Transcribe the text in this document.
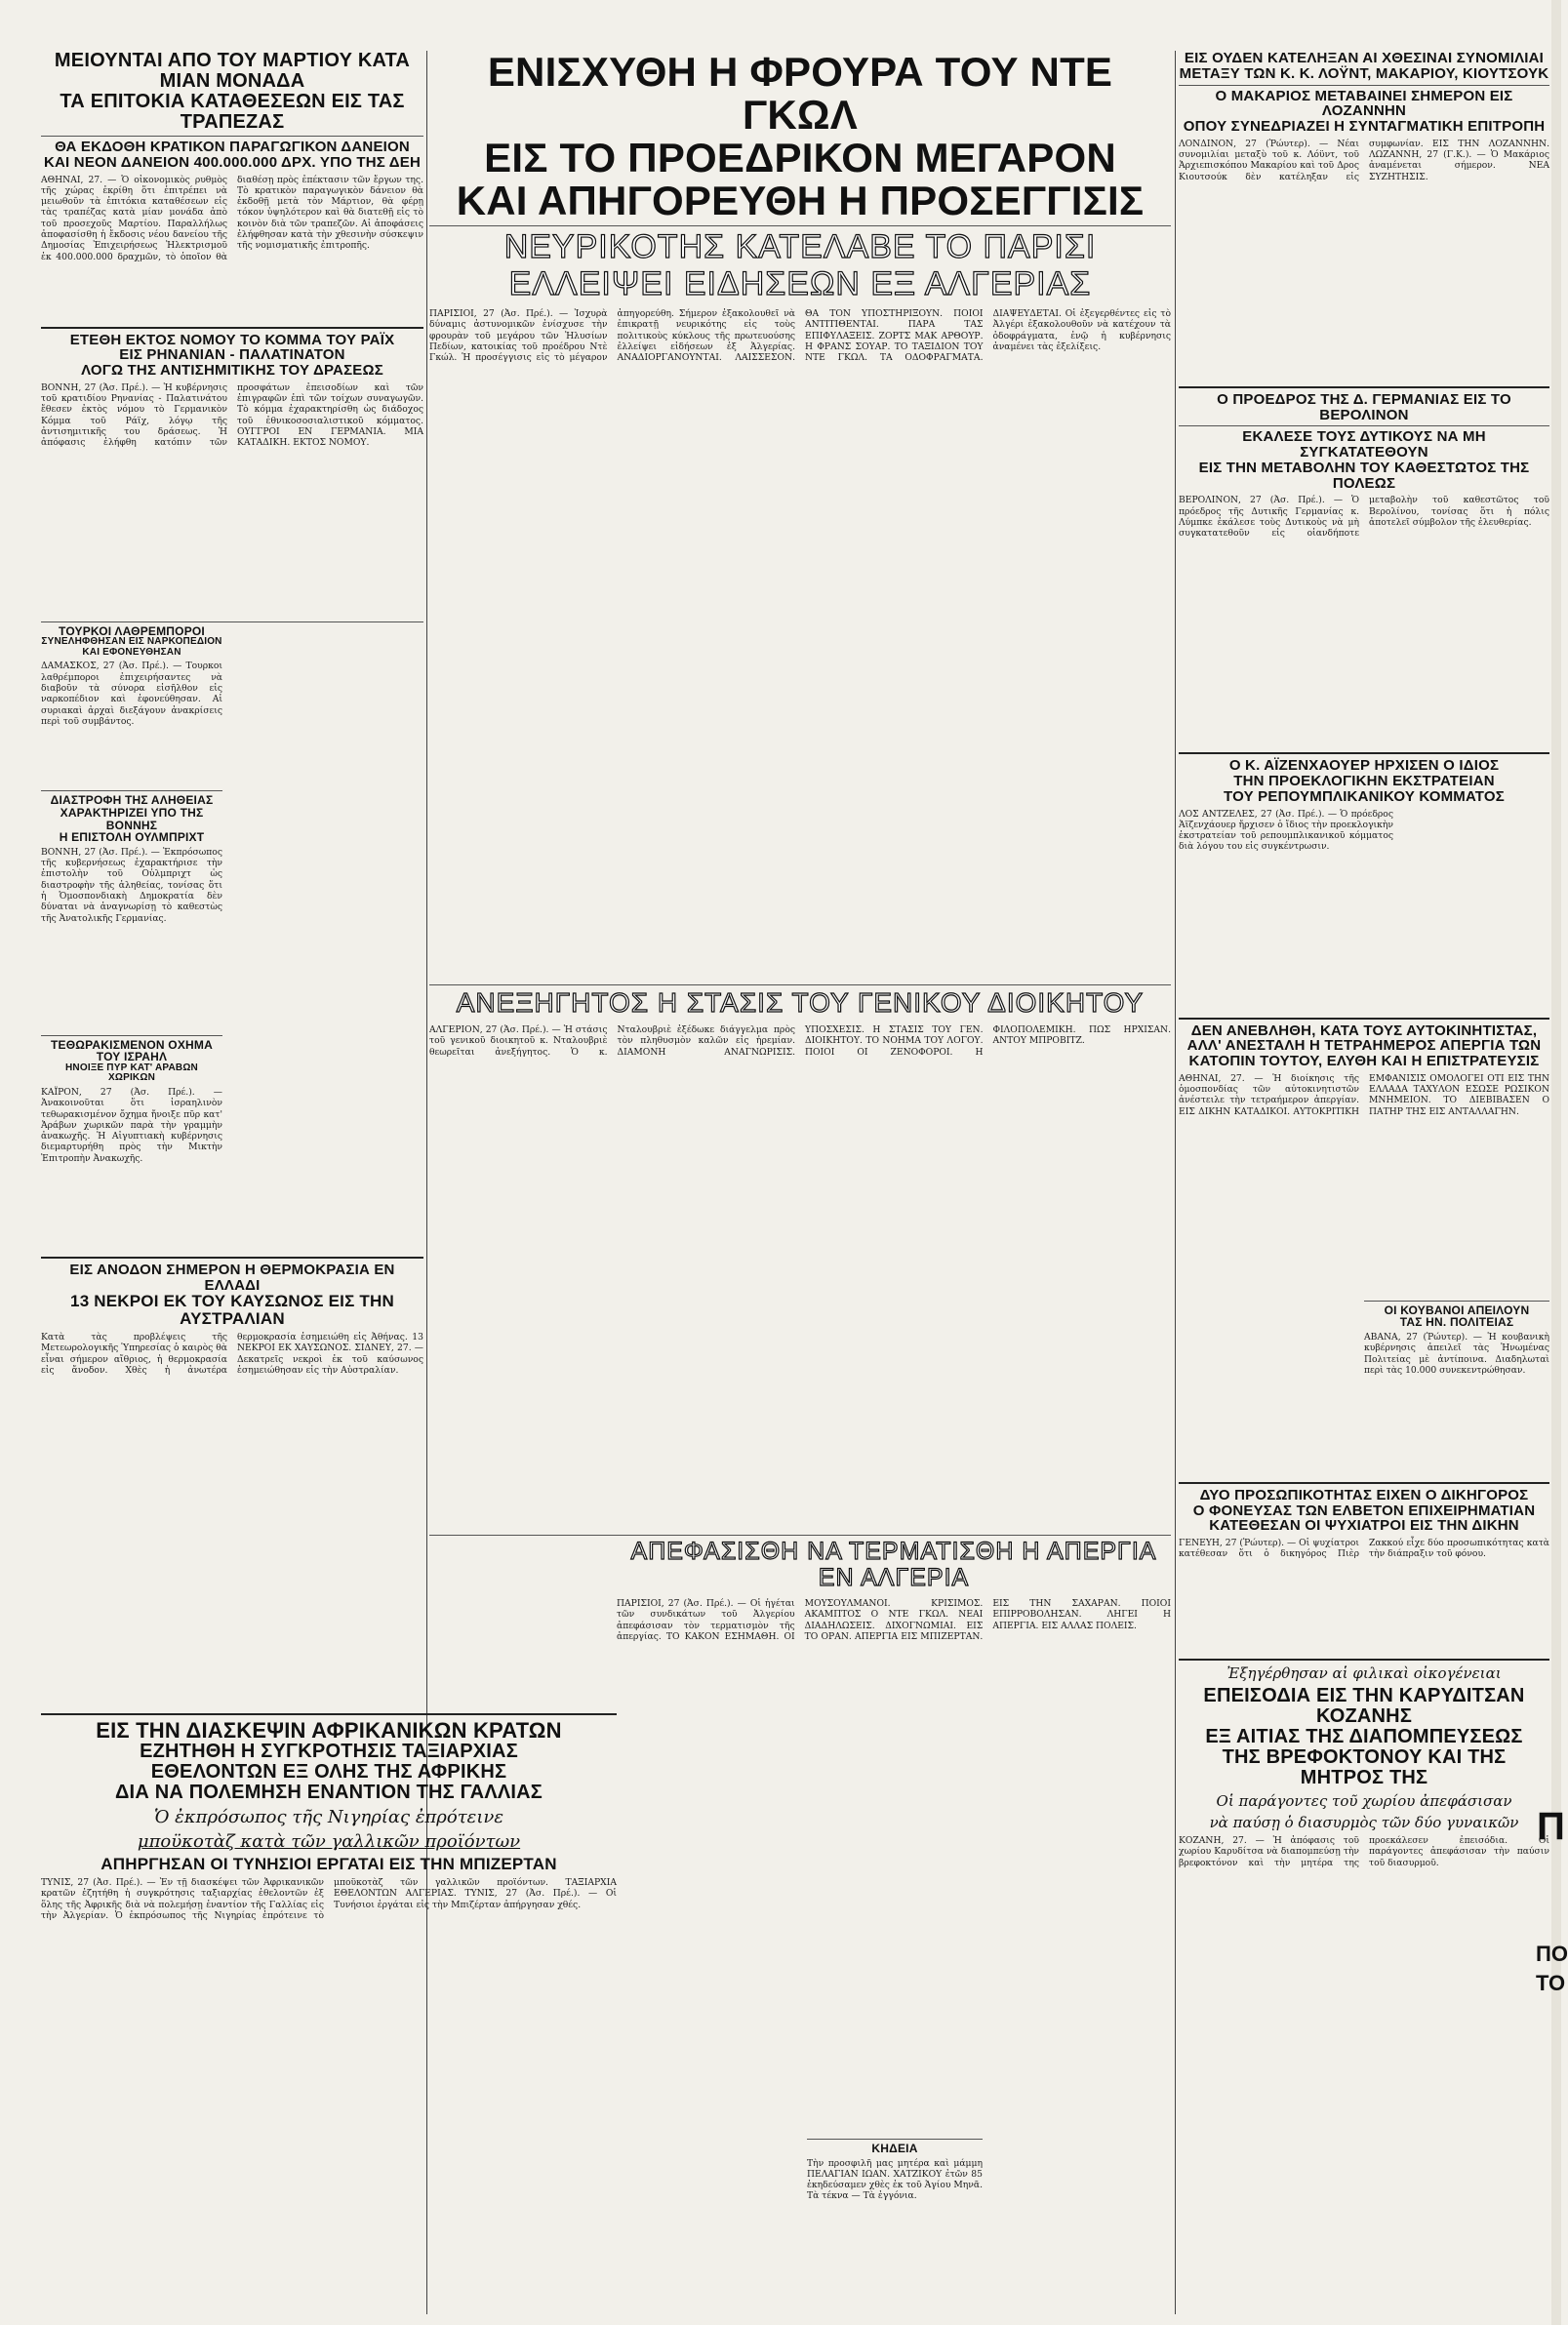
ΜΕΙΟΥΝΤΑΙ ΑΠΟ ΤΟΥ ΜΑΡΤΙΟΥ ΚΑΤΑ ΜΙΑΝ ΜΟΝΑΔΑ

ΤΑ ΕΠΙΤΟΚΙΑ ΚΑΤΑΘΕΣΕΩΝ ΕΙΣ ΤΑΣ ΤΡΑΠΕΖΑΣ

ΘΑ ΕΚΔΟΘΗ ΚΡΑΤΙΚΟΝ ΠΑΡΑΓΩΓΙΚΟΝ ΔΑΝΕΙΟΝ

ΚΑΙ ΝΕΟΝ ΔΑΝΕΙΟΝ 400.000.000 ΔΡΧ. ΥΠΟ ΤΗΣ ΔΕΗ

ΑΘΗΝΑΙ, 27. — Ὁ οἰκονομικὸς ρυθμὸς τῆς χώρας ἐκρίθη ὅτι ἐπιτρέπει νὰ μειωθοῦν τὰ ἐπιτόκια καταθέσεων εἰς τὰς τραπέζας κατὰ μίαν μονάδα ἀπὸ τοῦ προσεχοῦς Μαρτίου. Παραλλήλως ἀποφασίσθη ἡ ἔκδοσις νέου δανείου τῆς Δημοσίας Ἐπιχειρήσεως Ἠλεκτρισμοῦ ἐκ 400.000.000 δραχμῶν, τὸ ὁποῖον θὰ διαθέσῃ πρὸς ἐπέκτασιν τῶν ἔργων της. Τὸ κρατικὸν παραγωγικὸν δάνειον θὰ ἐκδοθῇ μετὰ τὸν Μάρτιον, θὰ φέρῃ τόκον ὑψηλότερον καὶ θὰ διατεθῇ εἰς τὸ κοινὸν διὰ τῶν τραπεζῶν. Αἱ ἀποφάσεις ἐλήφθησαν κατὰ τὴν χθεσινὴν σύσκεψιν τῆς νομισματικῆς ἐπιτροπῆς.

ΕΤΕΘΗ ΕΚΤΟΣ ΝΟΜΟΥ ΤΟ ΚΟΜΜΑ ΤΟΥ ΡΑΪΧ

ΕΙΣ ΡΗΝΑΝΙΑΝ - ΠΑΛΑΤΙΝΑΤΟΝ

ΛΟΓΩ ΤΗΣ ΑΝΤΙΣΗΜΙΤΙΚΗΣ ΤΟΥ ΔΡΑΣΕΩΣ

ΒΟΝΝΗ, 27 (Ἀσ. Πρέ.). — Ἡ κυβέρνησις τοῦ κρατιδίου Ρηνανίας - Παλατινάτου ἔθεσεν ἐκτὸς νόμου τὸ Γερμανικὸν Κόμμα τοῦ Ράϊχ, λόγῳ τῆς ἀντισημιτικῆς του δράσεως. Ἡ ἀπόφασις ἐλήφθη κατόπιν τῶν προσφάτων ἐπεισοδίων καὶ τῶν ἐπιγραφῶν ἐπὶ τῶν τοίχων συναγωγῶν. Τὸ κόμμα ἐχαρακτηρίσθη ὡς διάδοχος τοῦ ἐθνικοσοσιαλιστικοῦ κόμματος. ΟΥΓΓΡΟΙ ΕΝ ΓΕΡΜΑΝΙΑ. ΜΙΑ ΚΑΤΑΔΙΚΗ. ΕΚΤΟΣ ΝΟΜΟΥ.

ΤΟΥΡΚΟΙ ΛΑΘΡΕΜΠΟΡΟΙ

ΣΥΝΕΛΗΦΘΗΣΑΝ ΕΙΣ ΝΑΡΚΟΠΕΔΙΟΝ ΚΑΙ ΕΦΟΝΕΥΘΗΣΑΝ

ΔΑΜΑΣΚΟΣ, 27 (Ἀσ. Πρέ.). — Τουρκοι λαθρέμποροι ἐπιχειρήσαντες νὰ διαβοῦν τὰ σύνορα εἰσῆλθον εἰς ναρκοπέδιον καὶ ἐφονεύθησαν. Αἱ συριακαὶ ἀρχαὶ διεξάγουν ἀνακρίσεις περὶ τοῦ συμβάντος.

ΔΙΑΣΤΡΟΦΗ ΤΗΣ ΑΛΗΘΕΙΑΣ ΧΑΡΑΚΤΗΡΙΖΕΙ ΥΠΟ ΤΗΣ ΒΟΝΝΗΣ

Η ΕΠΙΣΤΟΛΗ ΟΥΛΜΠΡΙΧΤ

ΒΟΝΝΗ, 27 (Ἀσ. Πρέ.). — Ἐκπρόσωπος τῆς κυβερνήσεως ἐχαρακτήρισε τὴν ἐπιστολὴν τοῦ Οὐλμπριχτ ὡς διαστροφὴν τῆς ἀληθείας, τονίσας ὅτι ἡ Ὁμοσπονδιακὴ Δημοκρατία δὲν δύναται νὰ ἀναγνωρίσῃ τὸ καθεστὼς τῆς Ἀνατολικῆς Γερμανίας.

ΤΕΘΩΡΑΚΙΣΜΕΝΟΝ ΟΧΗΜΑ ΤΟΥ ΙΣΡΑΗΛ

ΗΝΟΙΞΕ ΠΥΡ ΚΑΤ' ΑΡΑΒΩΝ ΧΩΡΙΚΩΝ

ΚΑΪΡΟΝ, 27 (Ἀσ. Πρέ.). — Ἀνακοινοῦται ὅτι ἰσραηλινὸν τεθωρακισμένον ὄχημα ἤνοιξε πῦρ κατ' Ἀράβων χωρικῶν παρὰ τὴν γραμμὴν ἀνακωχῆς. Ἡ Αἰγυπτιακὴ κυβέρνησις διεμαρτυρήθη πρὸς τὴν Μικτὴν Ἐπιτροπὴν Ἀνακωχῆς.

ΕΙΣ ΑΝΟΔΟΝ ΣΗΜΕΡΟΝ Η ΘΕΡΜΟΚΡΑΣΙΑ ΕΝ ΕΛΛΑΔΙ

13 ΝΕΚΡΟΙ ΕΚ ΤΟΥ ΚΑΥΣΩΝΟΣ ΕΙΣ ΤΗΝ ΑΥΣΤΡΑΛΙΑΝ

Κατὰ τὰς προβλέψεις τῆς Μετεωρολογικῆς Ὑπηρεσίας ὁ καιρὸς θὰ εἶναι σήμερον αἴθριος, ἡ θερμοκρασία εἰς ἄνοδον. Χθὲς ἡ ἀνωτέρα θερμοκρασία ἐσημειώθη εἰς Ἀθήνας. 13 ΝΕΚΡΟΙ ΕΚ ΧΑΥΣΩΝΟΣ. ΣΙΔΝΕΥ, 27. — Δεκατρεῖς νεκροὶ ἐκ τοῦ καύσωνος ἐσημειώθησαν εἰς τὴν Αὐστραλίαν.

ΕΙΣ ΤΗΝ ΔΙΑΣΚΕΨΙΝ ΑΦΡΙΚΑΝΙΚΩΝ ΚΡΑΤΩΝ

ΕΖΗΤΗΘΗ Η ΣΥΓΚΡΟΤΗΣΙΣ ΤΑΞΙΑΡΧΙΑΣ

ΕΘΕΛΟΝΤΩΝ ΕΞ ΟΛΗΣ ΤΗΣ ΑΦΡΙΚΗΣ

ΔΙΑ ΝΑ ΠΟΛΕΜΗΣΗ ΕΝΑΝΤΙΟΝ ΤΗΣ ΓΑΛΛΙΑΣ

Ὁ ἐκπρόσωπος τῆς Νιγηρίας ἐπρότεινε

μποϋκοτὰζ κατὰ τῶν γαλλικῶν προϊόντων

ΑΠΗΡΓΗΣΑΝ ΟΙ ΤΥΝΗΣΙΟΙ ΕΡΓΑΤΑΙ ΕΙΣ ΤΗΝ ΜΠΙΖΕΡΤΑΝ

ΤΥΝΙΣ, 27 (Ἀσ. Πρέ.). — Ἐν τῇ διασκέψει τῶν Ἀφρικανικῶν κρατῶν ἐζητήθη ἡ συγκρότησις ταξιαρχίας ἐθελοντῶν ἐξ ὅλης τῆς Ἀφρικῆς διὰ νὰ πολεμήσῃ ἐναντίον τῆς Γαλλίας εἰς τὴν Ἀλγερίαν. Ὁ ἐκπρόσωπος τῆς Νιγηρίας ἐπρότεινε τὸ μποϋκοτὰζ τῶν γαλλικῶν προϊόντων. ΤΑΞΙΑΡΧΙΑ ΕΘΕΛΟΝΤΩΝ ΑΛΓΕΡΙΑΣ. ΤΥΝΙΣ, 27 (Ἀσ. Πρέ.). — Οἱ Τυνήσιοι ἐργάται εἰς τὴν Μπιζέρταν ἀπήργησαν χθές.

ΕΝΙΣΧΥΘΗ Η ΦΡΟΥΡΑ ΤΟΥ ΝΤΕ ΓΚΩΛ

ΕΙΣ ΤΟ ΠΡΟΕΔΡΙΚΟΝ ΜΕΓΑΡΟΝ

ΚΑΙ ΑΠΗΓΟΡΕΥΘΗ Η ΠΡΟΣΕΓΓΙΣΙΣ

ΝΕΥΡΙΚΟΤΗΣ ΚΑΤΕΛΑΒΕ ΤΟ ΠΑΡΙΣΙ

ΕΛΛΕΙΨΕΙ ΕΙΔΗΣΕΩΝ ΕΞ ΑΛΓΕΡΙΑΣ

ΠΑΡΙΣΙΟΙ, 27 (Ἀσ. Πρέ.). — Ἰσχυρὰ δύναμις ἀστυνομικῶν ἐνίσχυσε τὴν φρουρὰν τοῦ μεγάρου τῶν Ἠλυσίων Πεδίων, κατοικίας τοῦ προέδρου Ντὲ Γκώλ. Ἡ προσέγγισις εἰς τὸ μέγαρον ἀπηγορεύθη. Σήμερον ἐξακολουθεῖ νὰ ἐπικρατῇ νευρικότης εἰς τοὺς πολιτικοὺς κύκλους τῆς πρωτευούσης ἐλλείψει εἰδήσεων ἐξ Ἀλγερίας. ΑΝΑΔΙΟΡΓΑΝΟΥΝΤΑΙ. ΛΑΙΣΣΕΣΟΝ. ΘΑ ΤΟΝ ΥΠΟΣΤΗΡΙΞΟΥΝ. ΠΟΙΟΙ ΑΝΤΙΤΙΘΕΝΤΑΙ. ΠΑΡΑ ΤΑΣ ΕΠΙΦΥΛΑΞΕΙΣ. ΖΟΡΤΣ ΜΑΚ ΑΡΘΟΥΡ. Η ΦΡΑΝΣ ΣΟΥΑΡ. ΤΟ ΤΑΞΙΔΙΟΝ ΤΟΥ ΝΤΕ ΓΚΩΛ. ΤΑ ΟΔΟΦΡΑΓΜΑΤΑ. ΔΙΑΨΕΥΔΕΤΑΙ. Οἱ ἐξεγερθέντες εἰς τὸ Ἀλγέρι ἐξακολουθοῦν νὰ κατέχουν τὰ ὁδοφράγματα, ἐνῷ ἡ κυβέρνησις ἀναμένει τὰς ἐξελίξεις.

ΑΝΕΞΗΓΗΤΟΣ Η ΣΤΑΣΙΣ ΤΟΥ ΓΕΝΙΚΟΥ ΔΙΟΙΚΗΤΟΥ

ΑΛΓΕΡΙΟΝ, 27 (Ἀσ. Πρέ.). — Ἡ στάσις τοῦ γενικοῦ διοικητοῦ κ. Νταλουβριὲ θεωρεῖται ἀνεξήγητος. Ὁ κ. Νταλουβριὲ ἐξέδωκε διάγγελμα πρὸς τὸν πληθυσμὸν καλῶν εἰς ἠρεμίαν. ΔΙΑΜΟΝΗ ΑΝΑΓΝΩΡΙΣΙΣ. ΥΠΟΣΧΕΣΙΣ. Η ΣΤΑΣΙΣ ΤΟΥ ΓΕΝ. ΔΙΟΙΚΗΤΟΥ. ΤΟ ΝΟΗΜΑ ΤΟΥ ΛΟΓΟΥ. ΠΟΙΟΙ ΟΙ ΖΕΝΟΦΟΡΟΙ. Η ΦΙΛΟΠΟΛΕΜΙΚΗ. ΠΩΣ ΗΡΧΙΣΑΝ. ΑΝΤΟΥ ΜΠΡΟΒΙΤΖ.

ΑΠΕΦΑΣΙΣΘΗ ΝΑ ΤΕΡΜΑΤΙΣΘΗ Η ΑΠΕΡΓΙΑ ΕΝ ΑΛΓΕΡΙΑ

ΠΑΡΙΣΙΟΙ, 27 (Ἀσ. Πρέ.). — Οἱ ἡγέται τῶν συνδικάτων τοῦ Ἀλγερίου ἀπεφάσισαν τὸν τερματισμὸν τῆς ἀπεργίας. ΤΟ ΚΑΚΟΝ ΕΣΗΜΑΘΗ. ΟΙ ΜΟΥΣΟΥΛΜΑΝΟΙ. ΚΡΙΣΙΜΟΣ. ΑΚΑΜΠΤΟΣ Ο ΝΤΕ ΓΚΩΛ. ΝΕΑΙ ΔΙΑΔΗΛΩΣΕΙΣ. ΔΙΧΟΓΝΩΜΙΑΙ. ΕΙΣ ΤΟ ΟΡΑΝ. ΑΠΕΡΓΙΑ ΕΙΣ ΜΠΙΖΕΡΤΑΝ. ΕΙΣ ΤΗΝ ΣΑΧΑΡΑΝ. ΠΟΙΟΙ ΕΠΙΡΡΟΒΟΛΗΣΑΝ. ΛΗΓΕΙ Η ΑΠΕΡΓΙΑ. ΕΙΣ ΑΛΛΑΣ ΠΟΛΕΙΣ.

ΚΗΔΕΙΑ

Τὴν προσφιλῆ μας μητέρα καὶ μάμμη ΠΕΛΑΓΙΑΝ ΙΩΑΝ. ΧΑΤΖΙΚΟΥ ἐτῶν 85 ἐκηδεύσαμεν χθὲς ἐκ τοῦ Ἁγίου Μηνᾶ. Τὰ τέκνα — Τὰ ἐγγόνια.

ΕΙΣ ΟΥΔΕΝ ΚΑΤΕΛΗΞΑΝ ΑΙ ΧΘΕΣΙΝΑΙ ΣΥΝΟΜΙΛΙΑΙ

ΜΕΤΑΞΥ ΤΩΝ Κ. Κ. ΛΟΫΝΤ, ΜΑΚΑΡΙΟΥ, ΚΙΟΥΤΣΟΥΚ

Ο ΜΑΚΑΡΙΟΣ ΜΕΤΑΒΑΙΝΕΙ ΣΗΜΕΡΟΝ ΕΙΣ ΛΟΖΑΝΝΗΝ

ΟΠΟΥ ΣΥΝΕΔΡΙΑΖΕΙ Η ΣΥΝΤΑΓΜΑΤΙΚΗ ΕΠΙΤΡΟΠΗ

ΛΟΝΔΙΝΟΝ, 27 (Ῥώυτερ). — Νέαι συνομιλίαι μεταξὺ τοῦ κ. Λόϋντ, τοῦ Ἀρχιεπισκόπου Μακαρίου καὶ τοῦ Δρος Κιουτσούκ δὲν κατέληξαν εἰς συμφωνίαν. ΕΙΣ ΤΗΝ ΛΟΖΑΝΝΗΝ. ΛΩΖΑΝΝΗ, 27 (Γ.Κ.). — Ὁ Μακάριος ἀναμένεται σήμερον. ΝΕΑ ΣΥΖΗΤΗΣΙΣ.

Ο ΠΡΟΕΔΡΟΣ ΤΗΣ Δ. ΓΕΡΜΑΝΙΑΣ ΕΙΣ ΤΟ ΒΕΡΟΛΙΝΟΝ

ΕΚΑΛΕΣΕ ΤΟΥΣ ΔΥΤΙΚΟΥΣ ΝΑ ΜΗ ΣΥΓΚΑΤΑΤΕΘΟΥΝ

ΕΙΣ ΤΗΝ ΜΕΤΑΒΟΛΗΝ ΤΟΥ ΚΑΘΕΣΤΩΤΟΣ ΤΗΣ ΠΟΛΕΩΣ

ΒΕΡΟΛΙΝΟΝ, 27 (Ἀσ. Πρέ.). — Ὁ πρόεδρος τῆς Δυτικῆς Γερμανίας κ. Λύμπκε ἐκάλεσε τοὺς Δυτικοὺς νὰ μὴ συγκατατεθοῦν εἰς οἱανδήποτε μεταβολὴν τοῦ καθεστῶτος τοῦ Βερολίνου, τονίσας ὅτι ἡ πόλις ἀποτελεῖ σύμβολον τῆς ἐλευθερίας.

Ο Κ. ΑΪΖΕΝΧΑΟΥΕΡ ΗΡΧΙΣΕΝ Ο ΙΔΙΟΣ

ΤΗΝ ΠΡΟΕΚΛΟΓΙΚΗΝ ΕΚΣΤΡΑΤΕΙΑΝ

ΤΟΥ ΡΕΠΟΥΜΠΛΙΚΑΝΙΚΟΥ ΚΟΜΜΑΤΟΣ

ΛΟΣ ΑΝΤΖΕΛΕΣ, 27 (Ἀσ. Πρέ.). — Ὁ πρόεδρος Ἀϊζενχάουερ ἤρχισεν ὁ ἴδιος τὴν προεκλογικὴν ἐκστρατείαν τοῦ ρεπουμπλικανικοῦ κόμματος διὰ λόγου του εἰς συγκέντρωσιν.

ΔΕΝ ΑΝΕΒΛΗΘΗ, ΚΑΤΑ ΤΟΥΣ ΑΥΤΟΚΙΝΗΤΙΣΤΑΣ,

ΑΛΛ' ΑΝΕΣΤΑΛΗ Η ΤΕΤΡΑΗΜΕΡΟΣ ΑΠΕΡΓΙΑ ΤΩΝ

ΚΑΤΟΠΙΝ ΤΟΥΤΟΥ, ΕΛΥΘΗ ΚΑΙ Η ΕΠΙΣΤΡΑΤΕΥΣΙΣ

ΑΘΗΝΑΙ, 27. — Ἡ διοίκησις τῆς ὁμοσπονδίας τῶν αὐτοκινητιστῶν ἀνέστειλε τὴν τετραήμερον ἀπεργίαν. ΕΙΣ ΔΙΚΗΝ ΚΑΤΑΔΙΚΟΙ. ΑΥΤΟΚΡΙΤΙΚΗ ΕΜΦΑΝΙΣΙΣ ΟΜΟΛΟΓΕΙ ΟΤΙ ΕΙΣ ΤΗΝ ΕΛΛΑΔΑ ΤΑΧΥΛΟΝ ΕΣΩΣΕ ΡΩΣΙΚΟΝ ΜΝΗΜΕΙΟΝ. ΤΟ ΔΙΕΒΙΒΑΣΕΝ Ο ΠΑΤΗΡ ΤΗΣ ΕΙΣ ΑΝΤΑΛΛΑΓΗΝ.

ΟΙ ΚΟΥΒΑΝΟΙ ΑΠΕΙΛΟΥΝ

ΤΑΣ ΗΝ. ΠΟΛΙΤΕΙΑΣ

ΑΒΑΝΑ, 27 (Ῥώυτερ). — Ἡ κουβανικὴ κυβέρνησις ἀπειλεῖ τὰς Ἡνωμένας Πολιτείας μὲ ἀντίποινα. Διαδηλωταὶ περὶ τὰς 10.000 συνεκεντρώθησαν.

ΔΥΟ ΠΡΟΣΩΠΙΚΟΤΗΤΑΣ ΕΙΧΕΝ Ο ΔΙΚΗΓΟΡΟΣ

Ο ΦΟΝΕΥΣΑΣ ΤΩΝ ΕΛΒΕΤΟΝ ΕΠΙΧΕΙΡΗΜΑΤΙΑΝ

ΚΑΤΕΘΕΣΑΝ ΟΙ ΨΥΧΙΑΤΡΟΙ ΕΙΣ ΤΗΝ ΔΙΚΗΝ

ΓΕΝΕΥΗ, 27 (Ῥώυτερ). — Οἱ ψυχίατροι κατέθεσαν ὅτι ὁ δικηγόρος Πιὲρ Ζακκού εἶχε δύο προσωπικότητας κατὰ τὴν διάπραξιν τοῦ φόνου.

Ἐξηγέρθησαν αἱ φιλικαὶ οἰκογένειαι

ΕΠΕΙΣΟΔΙΑ ΕΙΣ ΤΗΝ ΚΑΡΥΔΙΤΣΑΝ ΚΟΖΑΝΗΣ

ΕΞ ΑΙΤΙΑΣ ΤΗΣ ΔΙΑΠΟΜΠΕΥΣΕΩΣ

ΤΗΣ ΒΡΕΦΟΚΤΟΝΟΥ ΚΑΙ ΤΗΣ ΜΗΤΡΟΣ ΤΗΣ

Οἱ παράγοντες τοῦ χωρίου ἀπεφάσισαν

νὰ παύσῃ ὁ διασυρμὸς τῶν δύο γυναικῶν

ΚΟΖΑΝΗ, 27. — Ἡ ἀπόφασις τοῦ χωρίου Καρυδίτσα νὰ διαπομπεύσῃ τὴν βρεφοκτόνον καὶ τὴν μητέρα της προεκάλεσεν ἐπεισόδια. Οἱ παράγοντες ἀπεφάσισαν τὴν παύσιν τοῦ διασυρμοῦ.
Π
ΠΟ
ΤΟ
